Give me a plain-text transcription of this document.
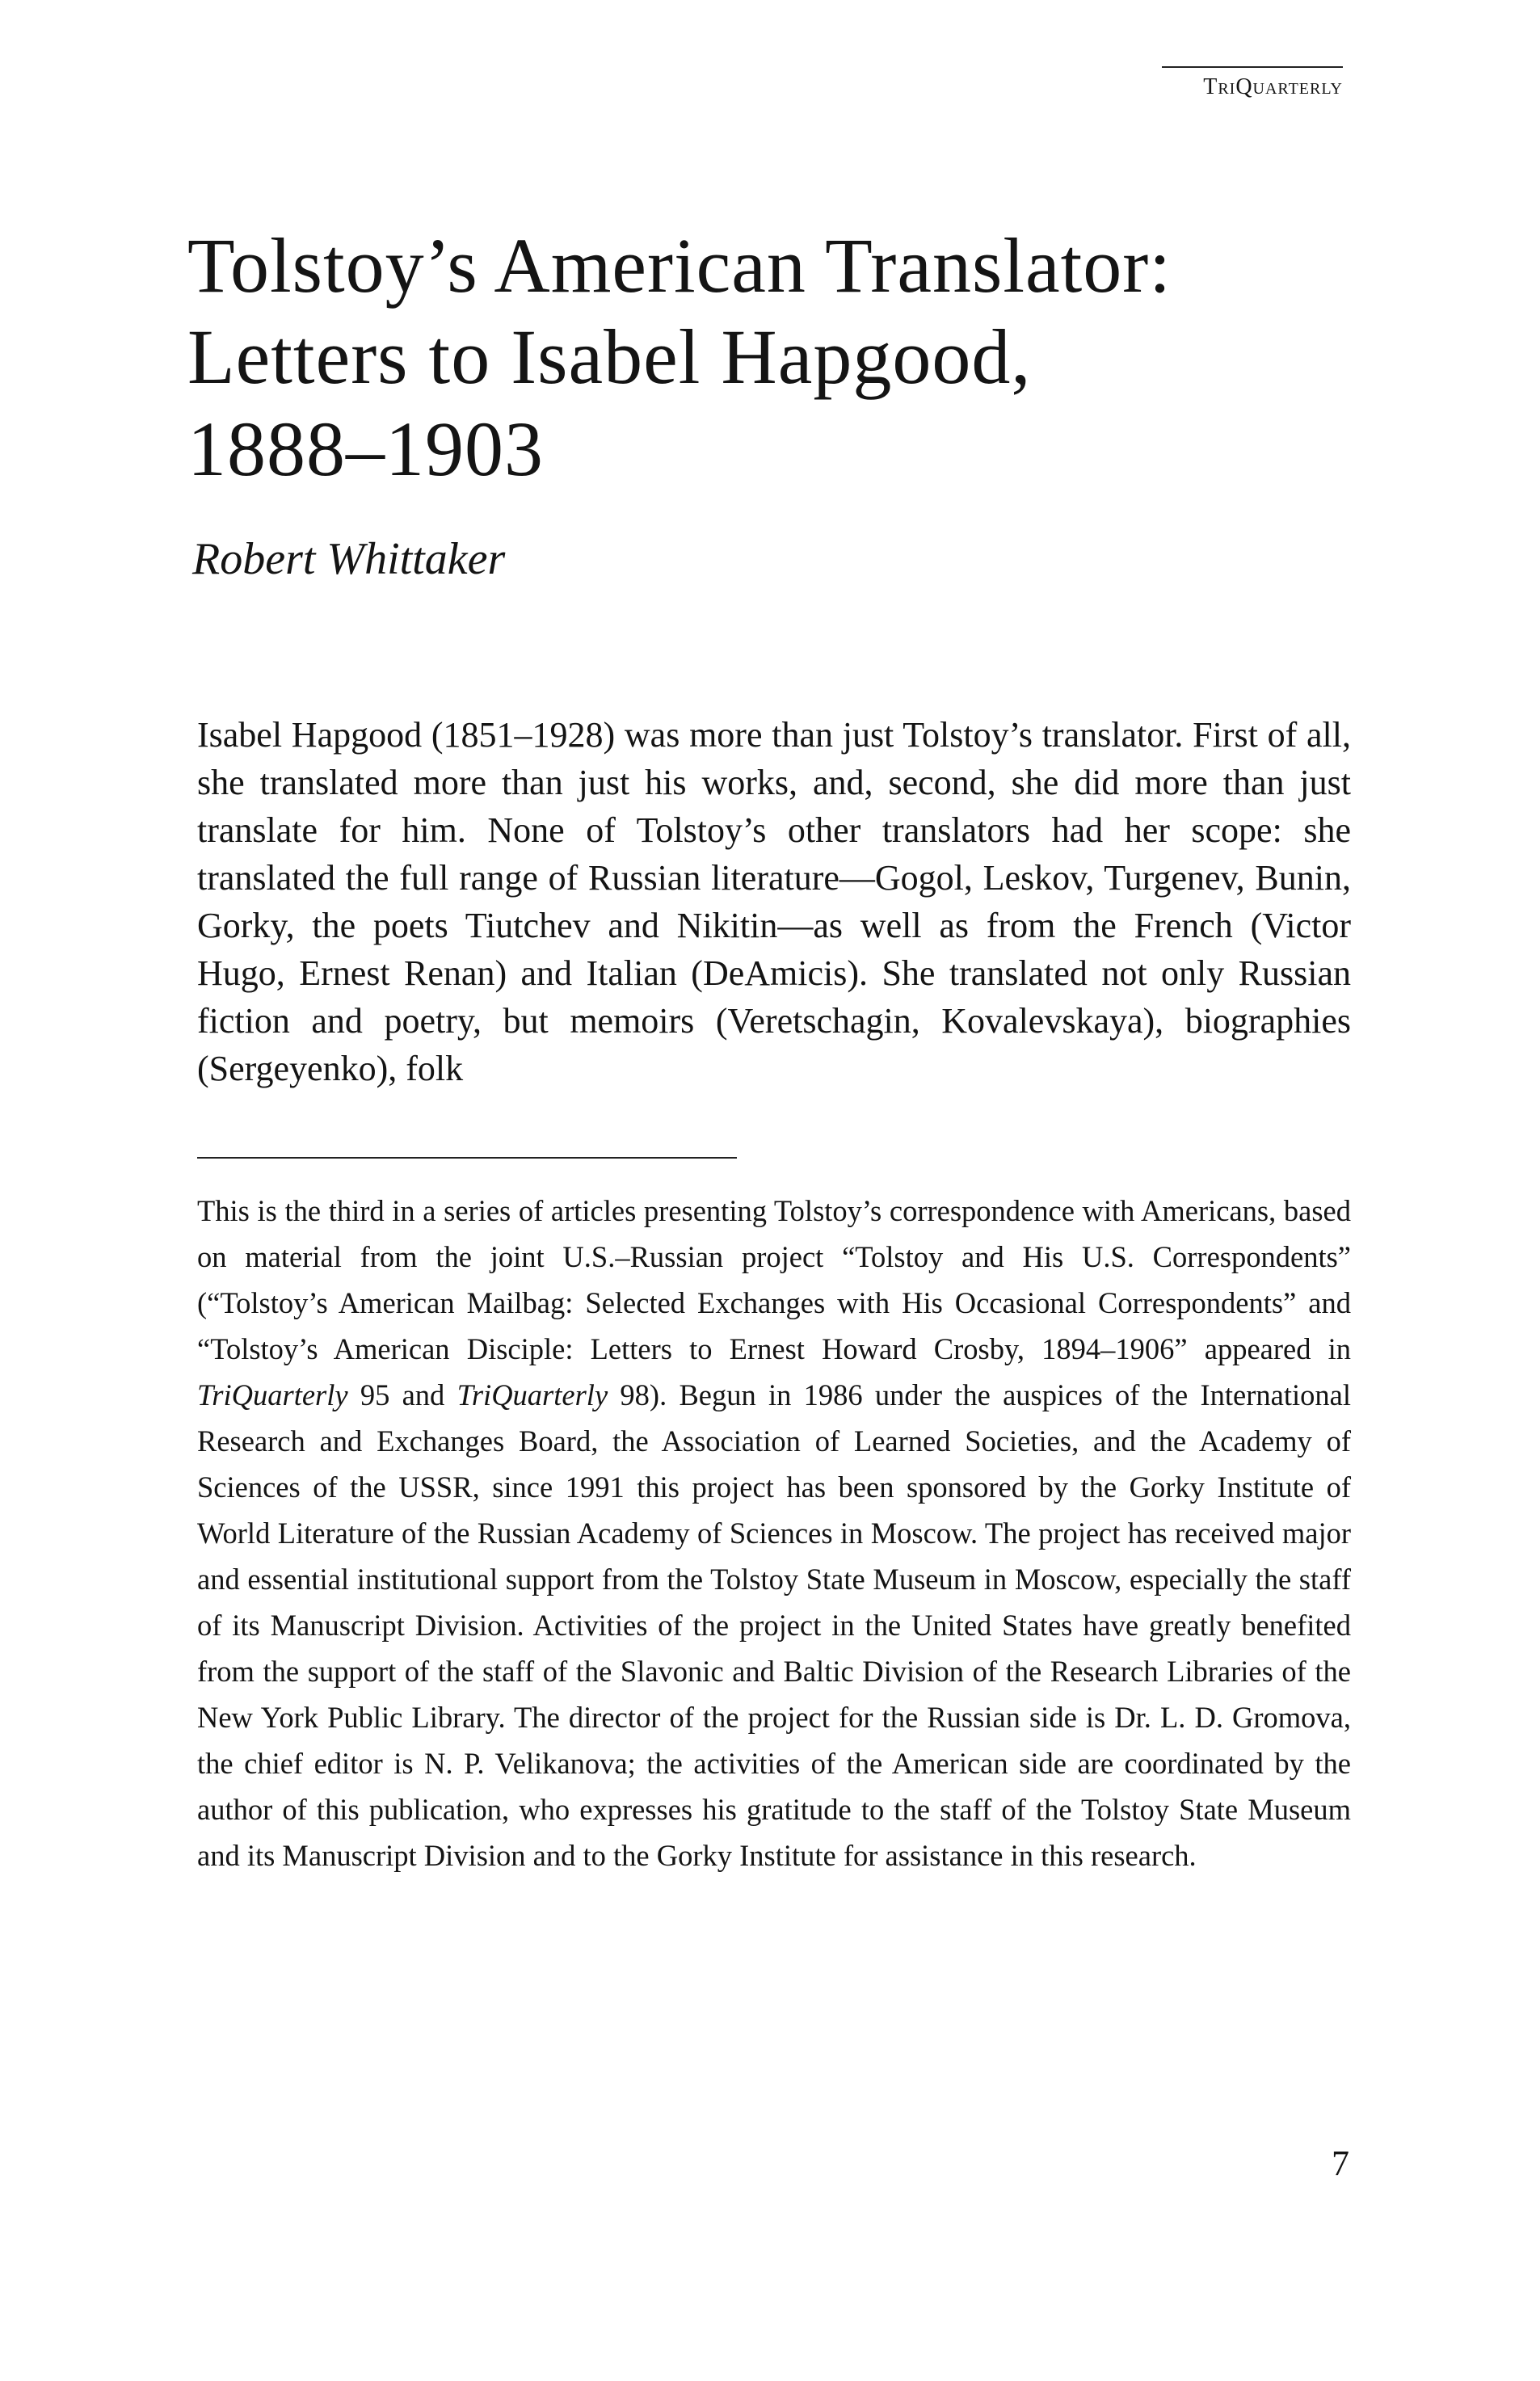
TriQuarterly
Tolstoy’s American Translator:
Letters to Isabel Hapgood,
1888–1903

Robert Whittaker

Isabel Hapgood (1851–1928) was more than just Tolstoy’s translator. First of all, she translated more than just his works, and, second, she did more than just translate for him. None of Tolstoy’s other translators had her scope: she translated the full range of Russian literature—Gogol, Leskov, Turgenev, Bunin, Gorky, the poets Tiutchev and Nikitin—as well as from the French (Victor Hugo, Ernest Renan) and Italian (DeAmicis). She translated not only Russian fiction and poetry, but memoirs (Veretschagin, Kovalevskaya), biographies (Sergeyenko), folk

This is the third in a series of articles presenting Tolstoy’s correspondence with Americans, based on material from the joint U.S.–Russian project “Tolstoy and His U.S. Correspondents” (“Tolstoy’s American Mailbag: Selected Exchanges with His Occasional Correspondents” and “Tolstoy’s American Disciple: Letters to Ernest Howard Crosby, 1894–1906” appeared in TriQuarterly 95 and TriQuarterly 98). Begun in 1986 under the auspices of the International Research and Exchanges Board, the Association of Learned Societies, and the Academy of Sciences of the USSR, since 1991 this project has been sponsored by the Gorky Institute of World Literature of the Russian Academy of Sciences in Moscow. The project has received major and essential institutional support from the Tolstoy State Museum in Moscow, especially the staff of its Manuscript Division. Activities of the project in the United States have greatly benefited from the support of the staff of the Slavonic and Baltic Division of the Research Libraries of the New York Public Library. The director of the project for the Russian side is Dr. L. D. Gromova, the chief editor is N. P. Velikanova; the activities of the American side are coordinated by the author of this publication, who expresses his gratitude to the staff of the Tolstoy State Museum and its Manuscript Division and to the Gorky Institute for assistance in this research.

7
